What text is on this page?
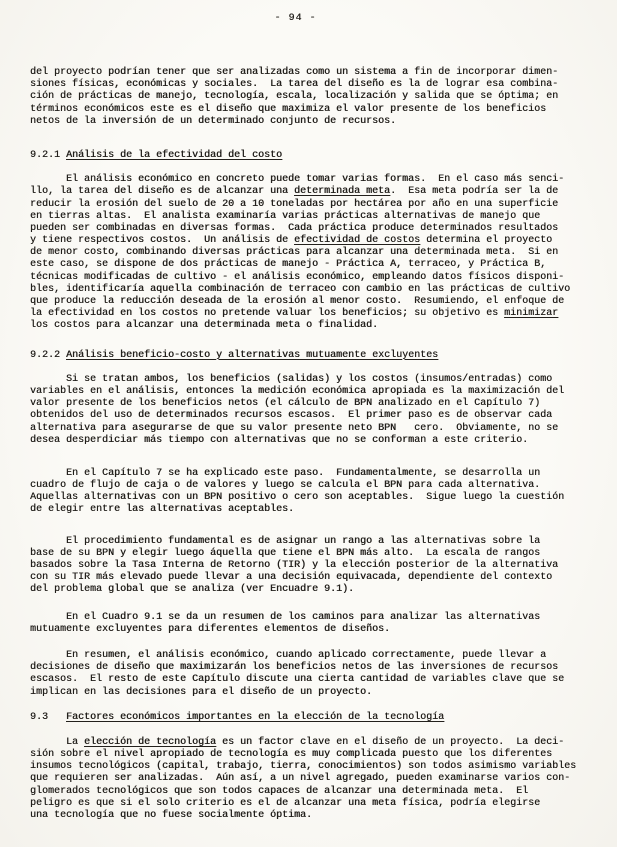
- 94 -
del proyecto podrían tener que ser analizadas como un sistema a fin de incorporar dimen-
siones físicas, económicas y sociales.  La tarea del diseño es la de lograr esa combina-
ción de prácticas de manejo, tecnología, escala, localización y salida que se óptima; en
términos económicos este es el diseño que maximiza el valor presente de los beneficios
netos de la inversión de un determinado conjunto de recursos.
9.2.1 Análisis de la efectividad del costo
El análisis económico en concreto puede tomar varias formas.  En el caso más senci-
llo, la tarea del diseño es de alcanzar una determinada meta.  Esa meta podría ser la de
reducir la erosión del suelo de 20 a 10 toneladas por hectárea por año en una superficie
en tierras altas.  El analista examinaría varias prácticas alternativas de manejo que
pueden ser combinadas en diversas formas.  Cada práctica produce determinados resultados
y tiene respectivos costos.  Un análisis de efectividad de costos determina el proyecto
de menor costo, combinando diversas prácticas para alcanzar una determinada meta.  Si en
este caso, se dispone de dos prácticas de manejo - Práctica A, terraceo, y Práctica B,
técnicas modificadas de cultivo - el análisis económico, empleando datos físicos disponi-
bles, identificaría aquella combinación de terraceo con cambio en las prácticas de cultivo
que produce la reducción deseada de la erosión al menor costo.  Resumiendo, el enfoque de
la efectividad en los costos no pretende valuar los beneficios; su objetivo es minimizar
los costos para alcanzar una determinada meta o finalidad.
9.2.2 Análisis beneficio-costo y alternativas mutuamente excluyentes
Si se tratan ambos, los beneficios (salidas) y los costos (insumos/entradas) como
variables en el análisis, entonces la medición económica apropiada es la maximización del
valor presente de los beneficios netos (el cálculo de BPN analizado en el Capítulo 7)
obtenidos del uso de determinados recursos escasos.  El primer paso es de observar cada
alternativa para asegurarse de que su valor presente neto BPN   cero.  Obviamente, no se
desea desperdiciar más tiempo con alternativas que no se conforman a este criterio.
En el Capítulo 7 se ha explicado este paso.  Fundamentalmente, se desarrolla un
cuadro de flujo de caja o de valores y luego se calcula el BPN para cada alternativa.
Aquellas alternativas con un BPN positivo o cero son aceptables.  Sigue luego la cuestión
de elegir entre las alternativas aceptables.
El procedimiento fundamental es de asignar un rango a las alternativas sobre la
base de su BPN y elegir luego áquella que tiene el BPN más alto.  La escala de rangos
basados sobre la Tasa Interna de Retorno (TIR) y la elección posterior de la alternativa
con su TIR más elevado puede llevar a una decisión equivacada, dependiente del contexto
del problema global que se analiza (ver Encuadre 9.1).
En el Cuadro 9.1 se da un resumen de los caminos para analizar las alternativas
mutuamente excluyentes para diferentes elementos de diseños.
En resumen, el análisis económico, cuando aplicado correctamente, puede llevar a
decisiones de diseño que maximizarán los beneficios netos de las inversiones de recursos
escasos.  El resto de este Capítulo discute una cierta cantidad de variables clave que se
implican en las decisiones para el diseño de un proyecto.
9.3   Factores económicos importantes en la elección de la tecnología
La elección de tecnología es un factor clave en el diseño de un proyecto.  La deci-
sión sobre el nivel apropiado de tecnología es muy complicada puesto que los diferentes
insumos tecnológicos (capital, trabajo, tierra, conocimientos) son todos asimismo variables
que requieren ser analizadas.  Aún así, a un nivel agregado, pueden examinarse varios con-
glomerados tecnológicos que son todos capaces de alcanzar una determinada meta.  El
peligro es que si el solo criterio es el de alcanzar una meta física, podría elegirse
una tecnología que no fuese socialmente óptima.
